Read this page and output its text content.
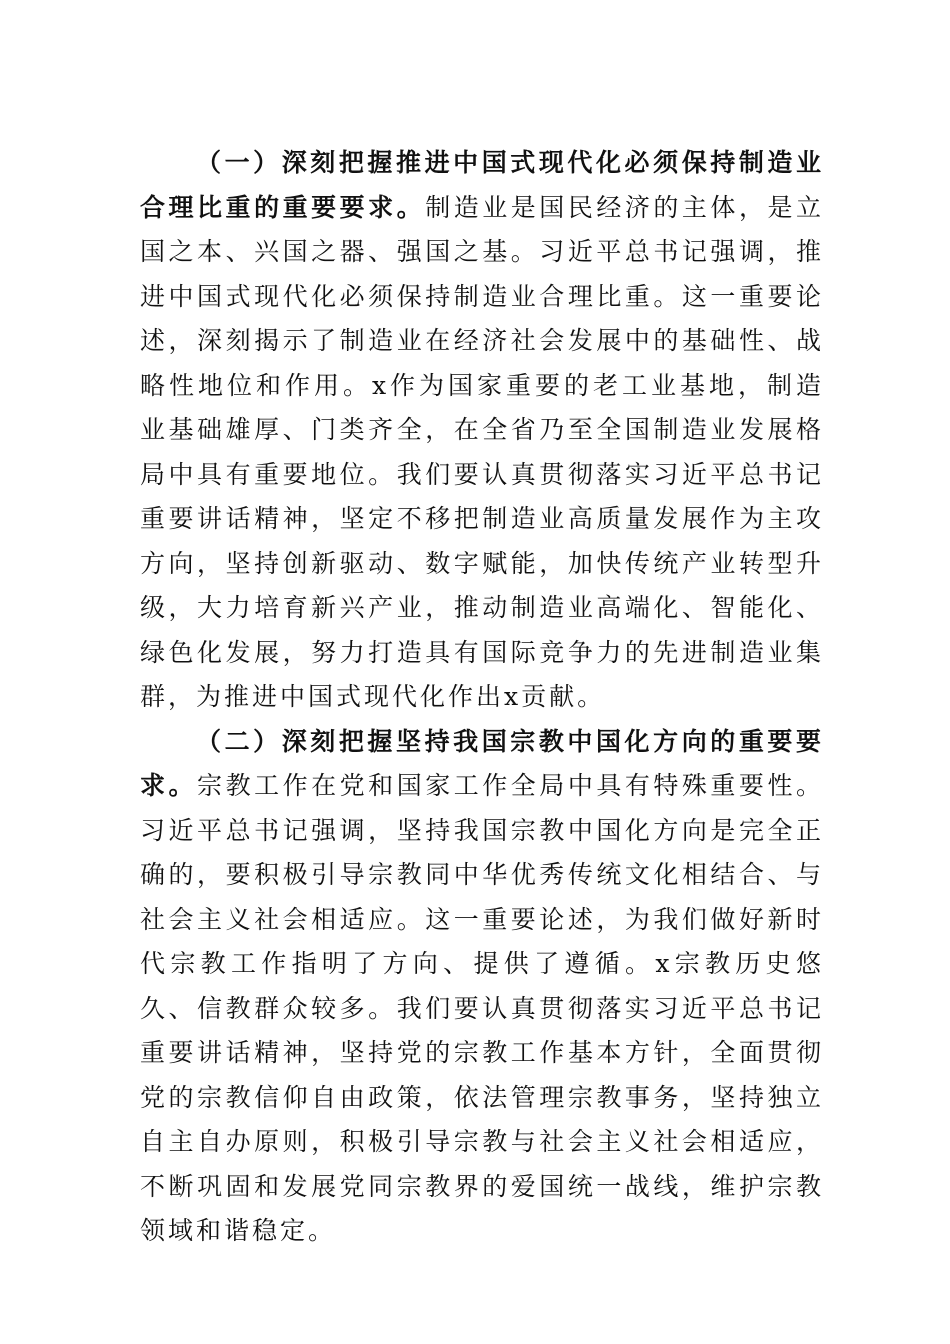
（一）深刻把握推进中国式现代化必须保持制造业合理比重的重要要求。制造业是国民经济的主体，是立国之本、兴国之器、强国之基。习近平总书记强调，推进中国式现代化必须保持制造业合理比重。这一重要论述，深刻揭示了制造业在经济社会发展中的基础性、战略性地位和作用。x作为国家重要的老工业基地，制造业基础雄厚、门类齐全，在全省乃至全国制造业发展格局中具有重要地位。我们要认真贯彻落实习近平总书记重要讲话精神，坚定不移把制造业高质量发展作为主攻方向，坚持创新驱动、数字赋能，加快传统产业转型升级，大力培育新兴产业，推动制造业高端化、智能化、绿色化发展，努力打造具有国际竞争力的先进制造业集群，为推进中国式现代化作出x贡献。

（二）深刻把握坚持我国宗教中国化方向的重要要求。宗教工作在党和国家工作全局中具有特殊重要性。习近平总书记强调，坚持我国宗教中国化方向是完全正确的，要积极引导宗教同中华优秀传统文化相结合、与社会主义社会相适应。这一重要论述，为我们做好新时代宗教工作指明了方向、提供了遵循。x宗教历史悠久、信教群众较多。我们要认真贯彻落实习近平总书记重要讲话精神，坚持党的宗教工作基本方针，全面贯彻党的宗教信仰自由政策，依法管理宗教事务，坚持独立自主自办原则，积极引导宗教与社会主义社会相适应，不断巩固和发展党同宗教界的爱国统一战线，维护宗教领域和谐稳定。
